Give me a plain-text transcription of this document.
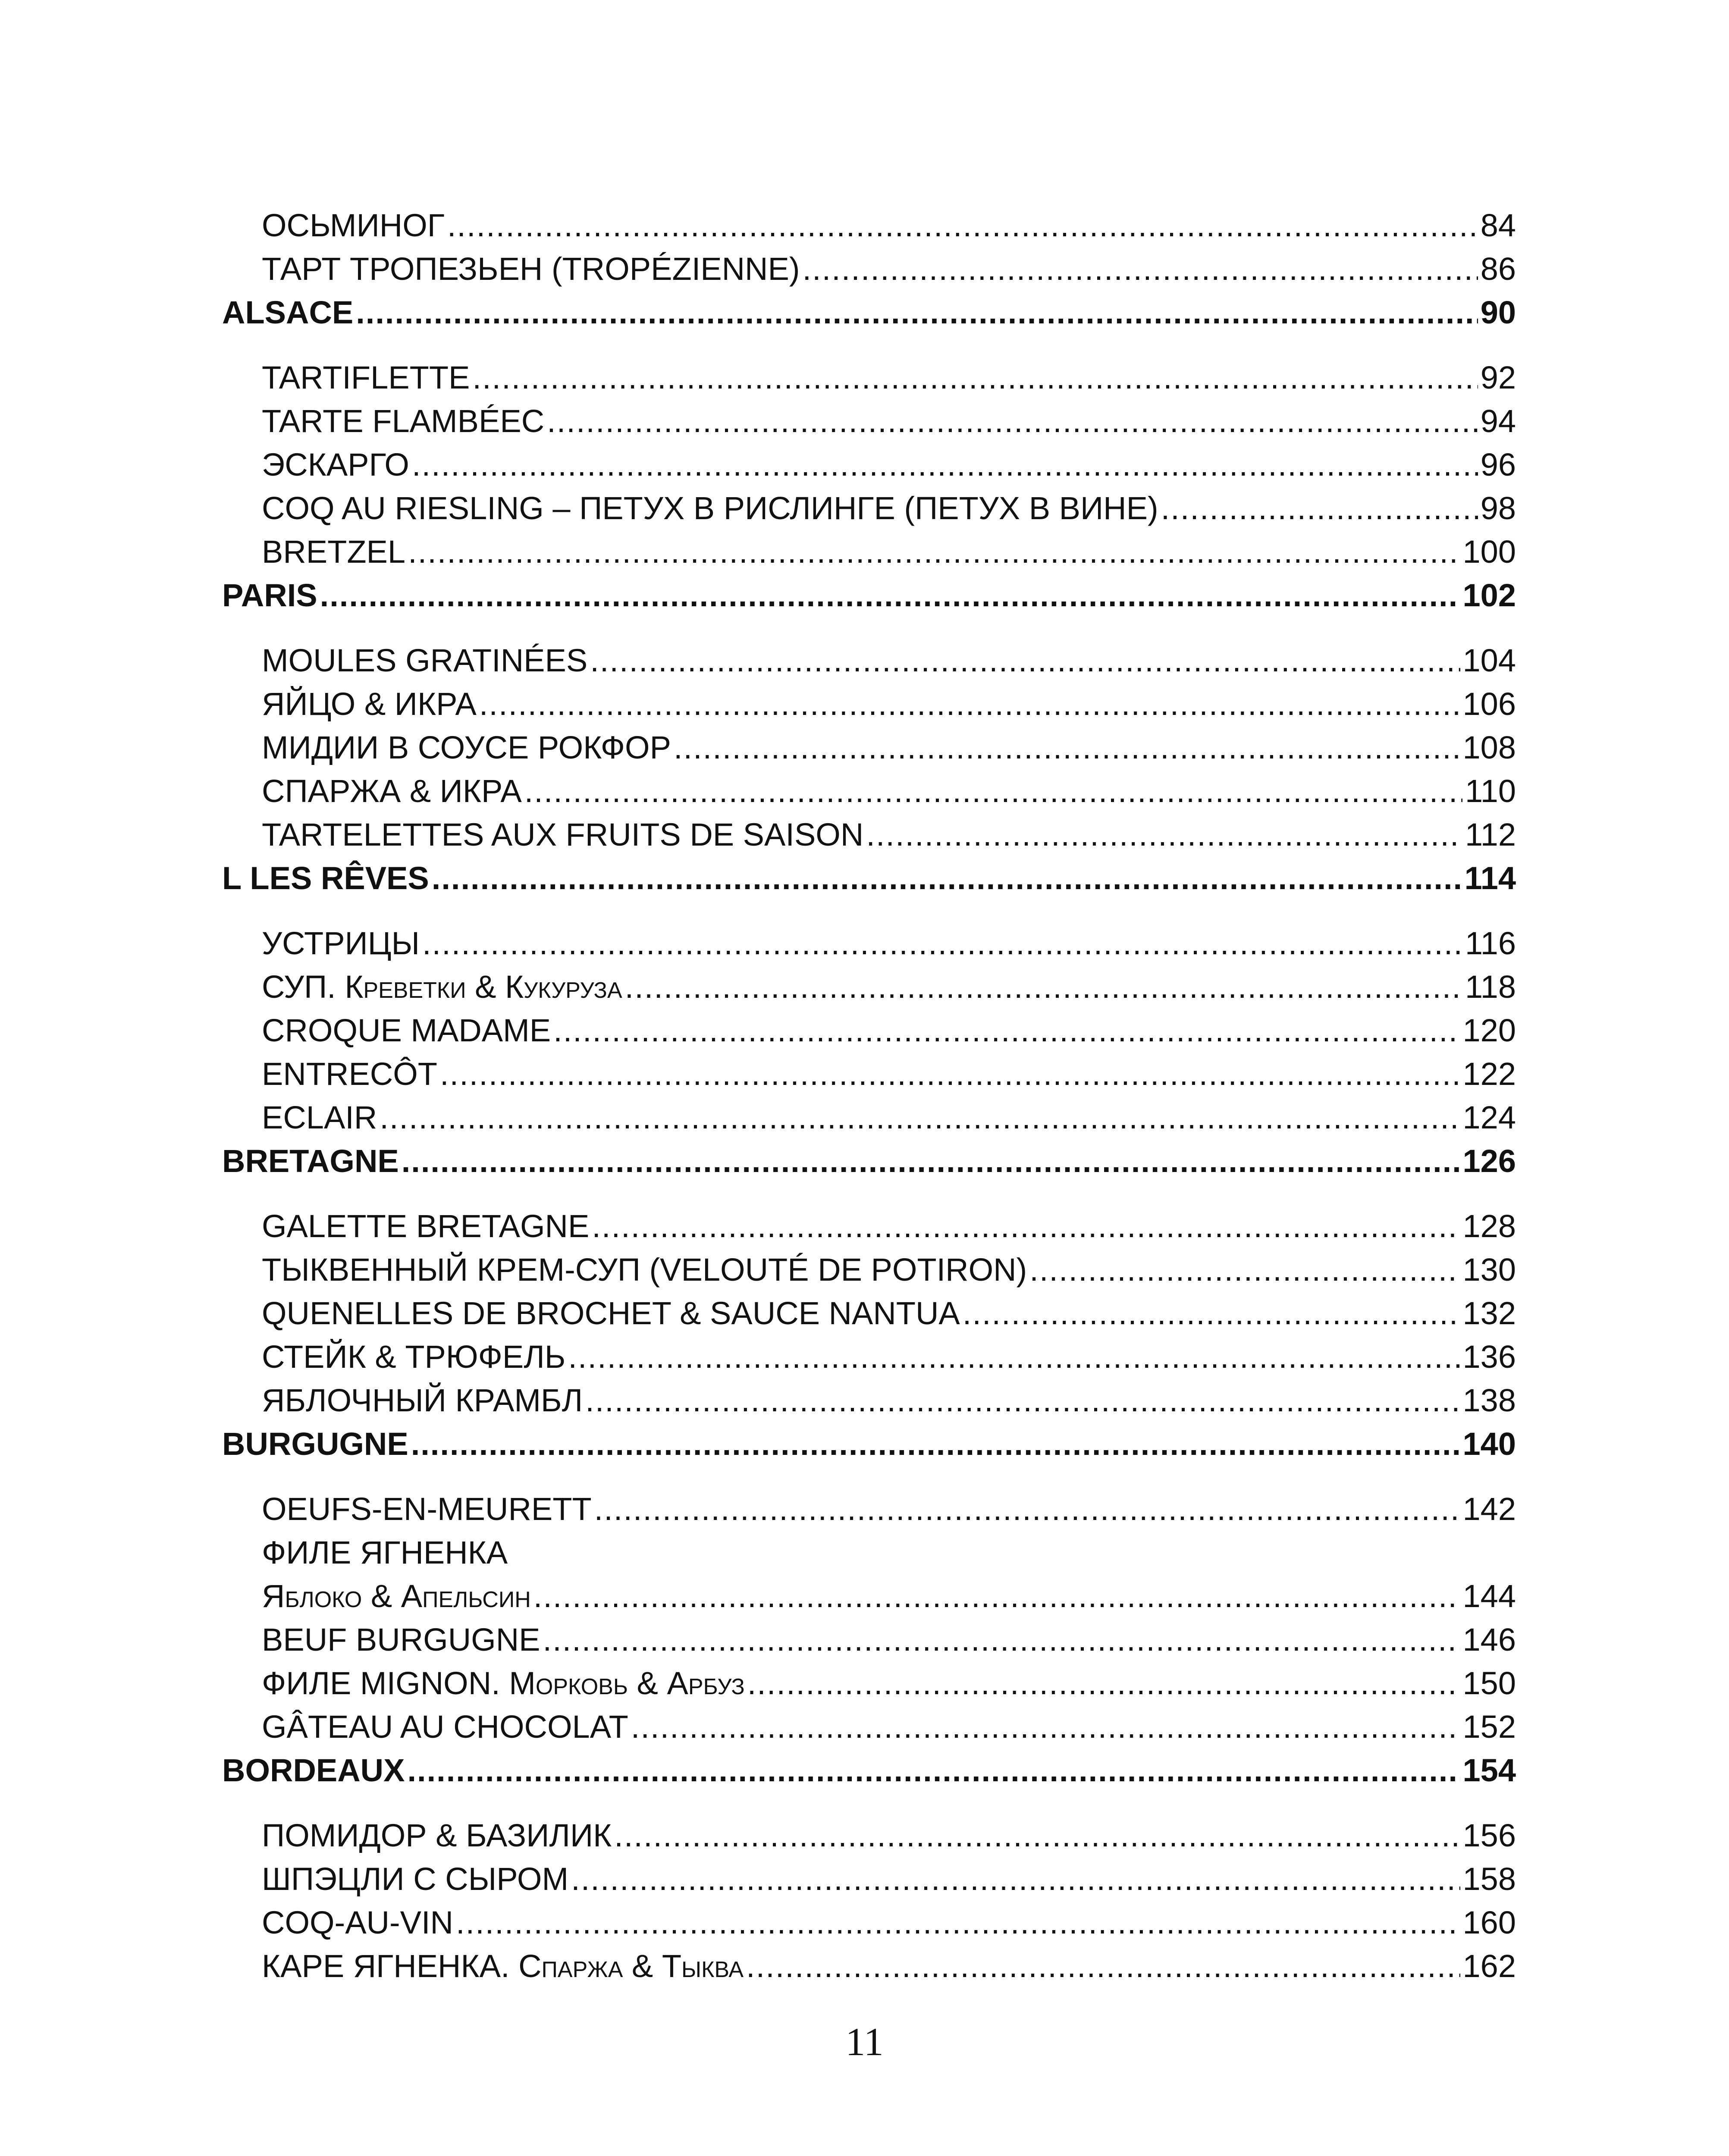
ОСЬМИНОГ .....	84
ТАРТ ТРОПЕЗЬЕН (TROPÉZIENNE) .....	86
ALSACE .....	90
TARTIFLETTE .....	92
TARTE FLAMBÉEC .....	94
ЭСКАРГО .....	96
COQ AU RIESLING – ПЕТУХ В РИСЛИНГЕ (ПЕТУХ В ВИНЕ) .....	98
BRETZEL .....	100
PARIS .....	102
MOULES GRATINÉES .....	104
ЯЙЦО & ИКРА .....	106
МИДИИ В СОУСЕ РОКФОР .....	108
СПАРЖА & ИКРА .....	110
TARTELETTES AUX FRUITS DE SAISON .....	112
L LES RÊVES .....	114
УСТРИЦЫ .....	116
СУП. Креветки & Кукуруза .....	118
CROQUE MADAME .....	120
ENTRECÔT .....	122
ECLAIR .....	124
BRETAGNE .....	126
GALETTE BRETAGNE .....	128
ТЫКВЕННЫЙ КРЕМ-СУП (VELOUTÉ DE POTIRON) .....	130
QUENELLES DE BROCHET & SAUCE NANTUA .....	132
СТЕЙК & ТРЮФЕЛЬ .....	136
ЯБЛОЧНЫЙ КРАМБЛ .....	138
BURGUGNE .....	140
OEUFS-EN-MEURETT .....	142
ФИЛЕ ЯГНЕНКА
Яблоко & Апельсин .....	144
BEUF BURGUGNE .....	146
ФИЛЕ MIGNON. Морковь & Арбуз .....	150
GÂTEAU AU CHOCOLAT .....	152
BORDEAUX .....	154
ПОМИДОР & БАЗИЛИК .....	156
ШПЭЦЛИ С СЫРОМ .....	158
COQ-AU-VIN .....	160
КАРЕ ЯГНЕНКА. Спаржа & Тыква .....	162
11
